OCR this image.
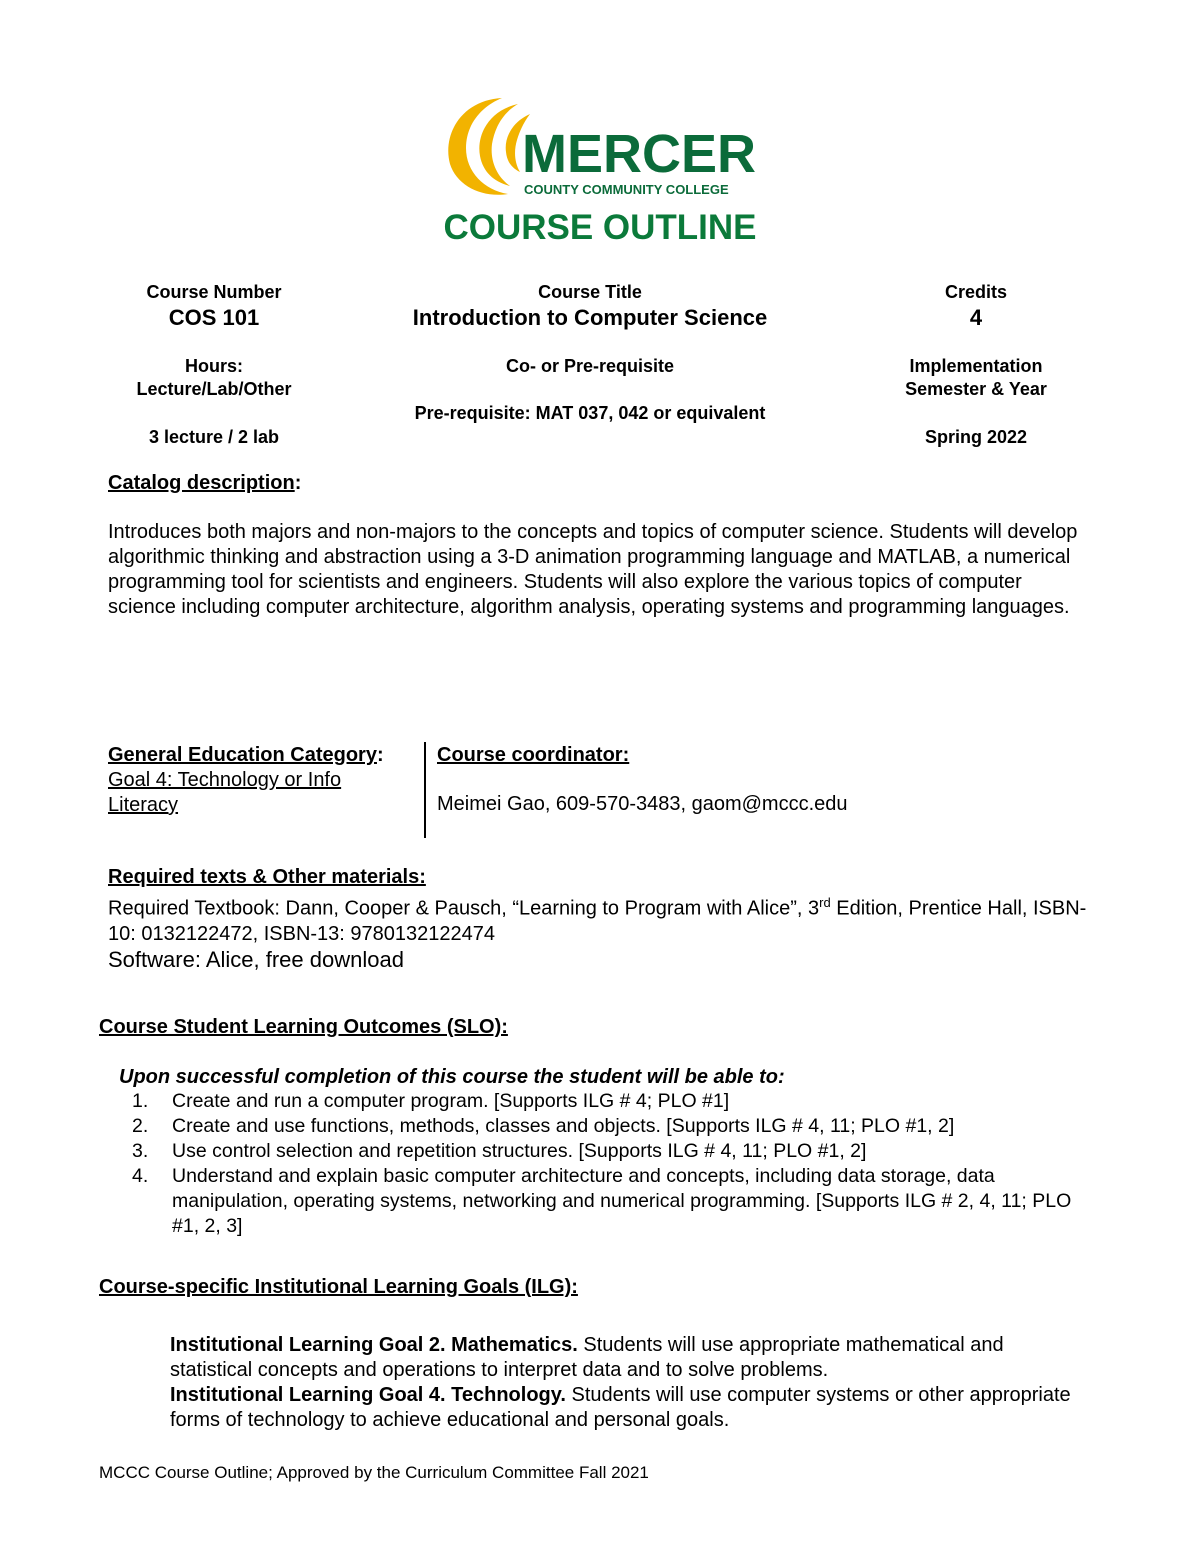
MERCER
COUNTY COMMUNITY COLLEGE
COURSE OUTLINE
Course Number
COS 101
Course Title
Introduction to Computer Science
Credits
4
Hours:
Lecture/Lab/Other
3 lecture / 2 lab
Co- or Pre-requisite
Pre-requisite: MAT 037, 042 or equivalent
Implementation
Semester & Year
Spring 2022
Catalog description:
Introduces both majors and non-majors to the concepts and topics of computer science. Students will develop algorithmic thinking and abstraction using a 3-D animation programming language and MATLAB, a numerical programming tool for scientists and engineers. Students will also explore the various topics of computer science including computer architecture, algorithm analysis, operating systems and programming languages.
General Education Category:
Goal 4: Technology or Info
Literacy
Course coordinator:
Meimei Gao, 609-570-3483, gaom@mccc.edu
Required texts & Other materials:
Required Textbook: Dann, Cooper & Pausch, “Learning to Program with Alice”, 3rd Edition, Prentice Hall, ISBN-10: 0132122472, ISBN-13: 9780132122474
Software: Alice, free download
Course Student Learning Outcomes (SLO):
Upon successful completion of this course the student will be able to:
1. Create and run a computer program. [Supports ILG # 4; PLO #1]
2. Create and use functions, methods, classes and objects. [Supports ILG # 4, 11; PLO #1, 2]
3. Use control selection and repetition structures. [Supports ILG # 4, 11; PLO #1, 2]
4. Understand and explain basic computer architecture and concepts, including data storage, data manipulation, operating systems, networking and numerical programming. [Supports ILG # 2, 4, 11; PLO #1, 2, 3]
Course-specific Institutional Learning Goals (ILG):
Institutional Learning Goal 2. Mathematics. Students will use appropriate mathematical and statistical concepts and operations to interpret data and to solve problems.
Institutional Learning Goal 4. Technology. Students will use computer systems or other appropriate forms of technology to achieve educational and personal goals.
MCCC Course Outline; Approved by the Curriculum Committee Fall 2021
